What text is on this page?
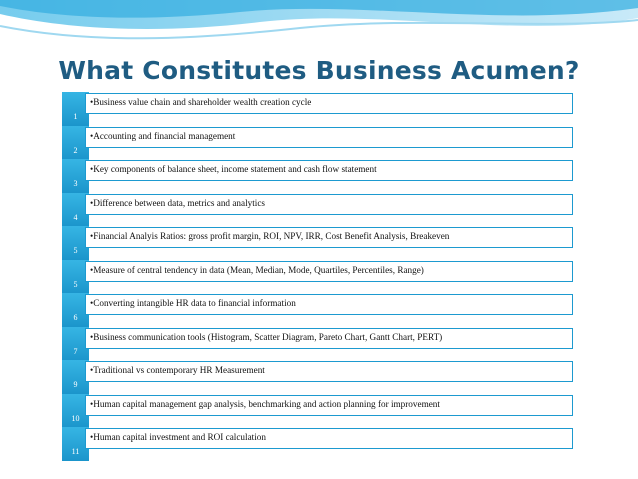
What Constitutes Business Acumen?
1
•Business value chain and shareholder wealth creation cycle
2
•Accounting and financial management
3
•Key components of balance sheet, income statement and cash flow statement
4
•Difference between data, metrics and analytics
5
•Financial Analyis Ratios: gross profit margin, ROI, NPV, IRR, Cost Benefit Analysis, Breakeven
5
•Measure of central tendency in data (Mean, Median, Mode, Quartiles, Percentiles, Range)
6
•Converting intangible HR data to financial information
7
•Business communication tools (Histogram, Scatter Diagram, Pareto Chart, Gantt Chart, PERT)
9
•Traditional vs contemporary HR Measurement
10
•Human capital management gap analysis, benchmarking and action planning for improvement
11
•Human capital investment and ROI calculation
